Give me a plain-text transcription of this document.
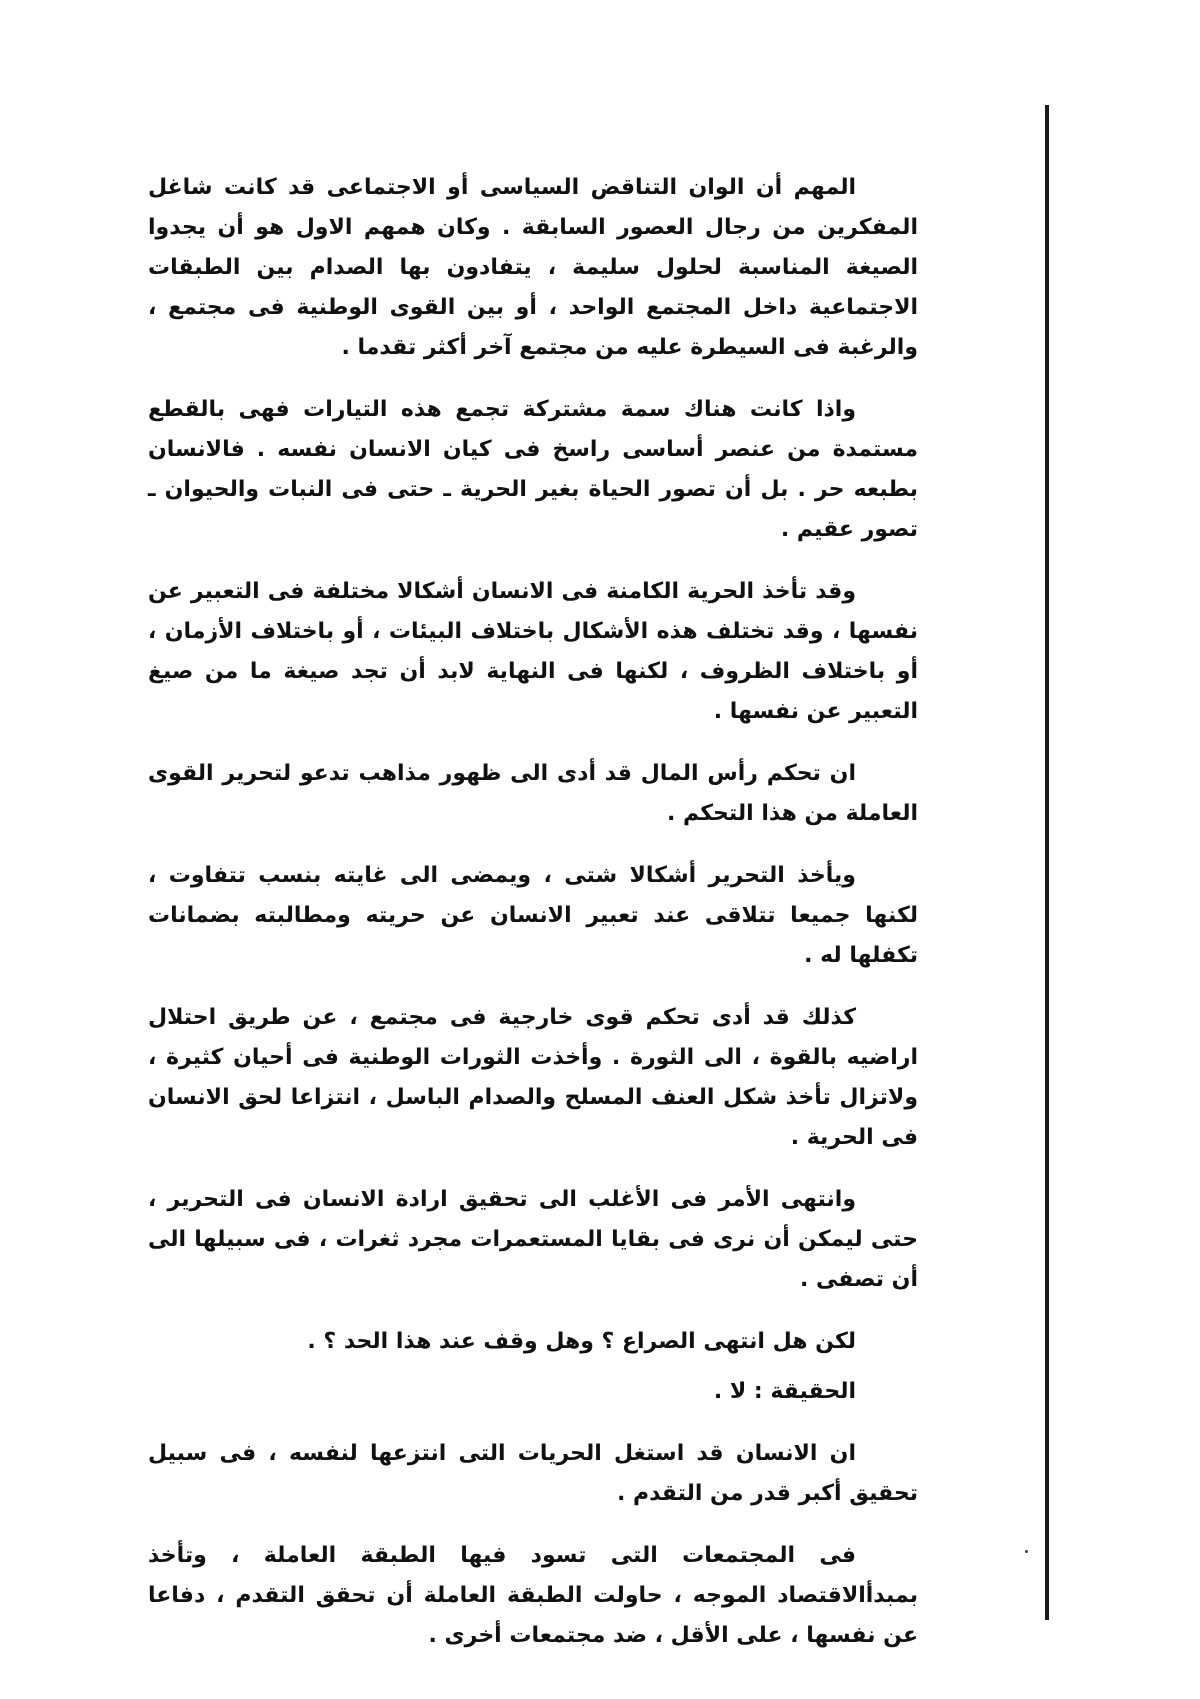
المهم أن الوان التناقض السياسى أو الاجتماعى قد كانت شاغل المفكرين من رجال العصور السابقة . وكان همهم الاول هو أن يجدوا الصيغة المناسبة لحلول سليمة ، يتفادون بها الصدام بين الطبقات الاجتماعية داخل المجتمع الواحد ، أو بين القوى الوطنية فى مجتمع ، والرغبة فى السيطرة عليه من مجتمع آخر أكثر تقدما .

واذا كانت هناك سمة مشتركة تجمع هذه التيارات فهى بالقطع مستمدة من عنصر أساسى راسخ فى كيان الانسان نفسه . فالانسان بطبعه حر . بل أن تصور الحياة بغير الحرية ـ حتى فى النبات والحيوان ـ تصور عقيم .

وقد تأخذ الحرية الكامنة فى الانسان أشكالا مختلفة فى التعبير عن نفسها ، وقد تختلف هذه الأشكال باختلاف البيئات ، أو باختلاف الأزمان ، أو باختلاف الظروف ، لكنها فى النهاية لابد أن تجد صيغة ما من صيغ التعبير عن نفسها .

ان تحكم رأس المال قد أدى الى ظهور مذاهب تدعو لتحرير القوى العاملة من هذا التحكم .

ويأخذ التحرير أشكالا شتى ، ويمضى الى غايته بنسب تتفاوت ، لكنها جميعا تتلاقى عند تعبير الانسان عن حريته ومطالبته بضمانات تكفلها له .

كذلك قد أدى تحكم قوى خارجية فى مجتمع ، عن طريق احتلال اراضيه بالقوة ، الى الثورة . وأخذت الثورات الوطنية فى أحيان كثيرة ، ولاتزال تأخذ شكل العنف المسلح والصدام الباسل ، انتزاعا لحق الانسان فى الحرية .

وانتهى الأمر فى الأغلب الى تحقيق ارادة الانسان فى التحرير ، حتى ليمكن أن نرى فى بقايا المستعمرات مجرد ثغرات ، فى سبيلها الى أن تصفى .

لكن هل انتهى الصراع ؟ وهل وقف عند هذا الحد ؟ .

الحقيقة : لا .

ان الانسان قد استغل الحريات التى انتزعها لنفسه ، فى سبيل تحقيق أكبر قدر من التقدم .

فى المجتمعات التى تسود فيها الطبقة العاملة ، وتأخذ بمبدأالاقتصاد الموجه ، حاولت الطبقة العاملة أن تحقق التقدم ، دفاعا عن نفسها ، على الأقل ، ضد مجتمعات أخرى .
